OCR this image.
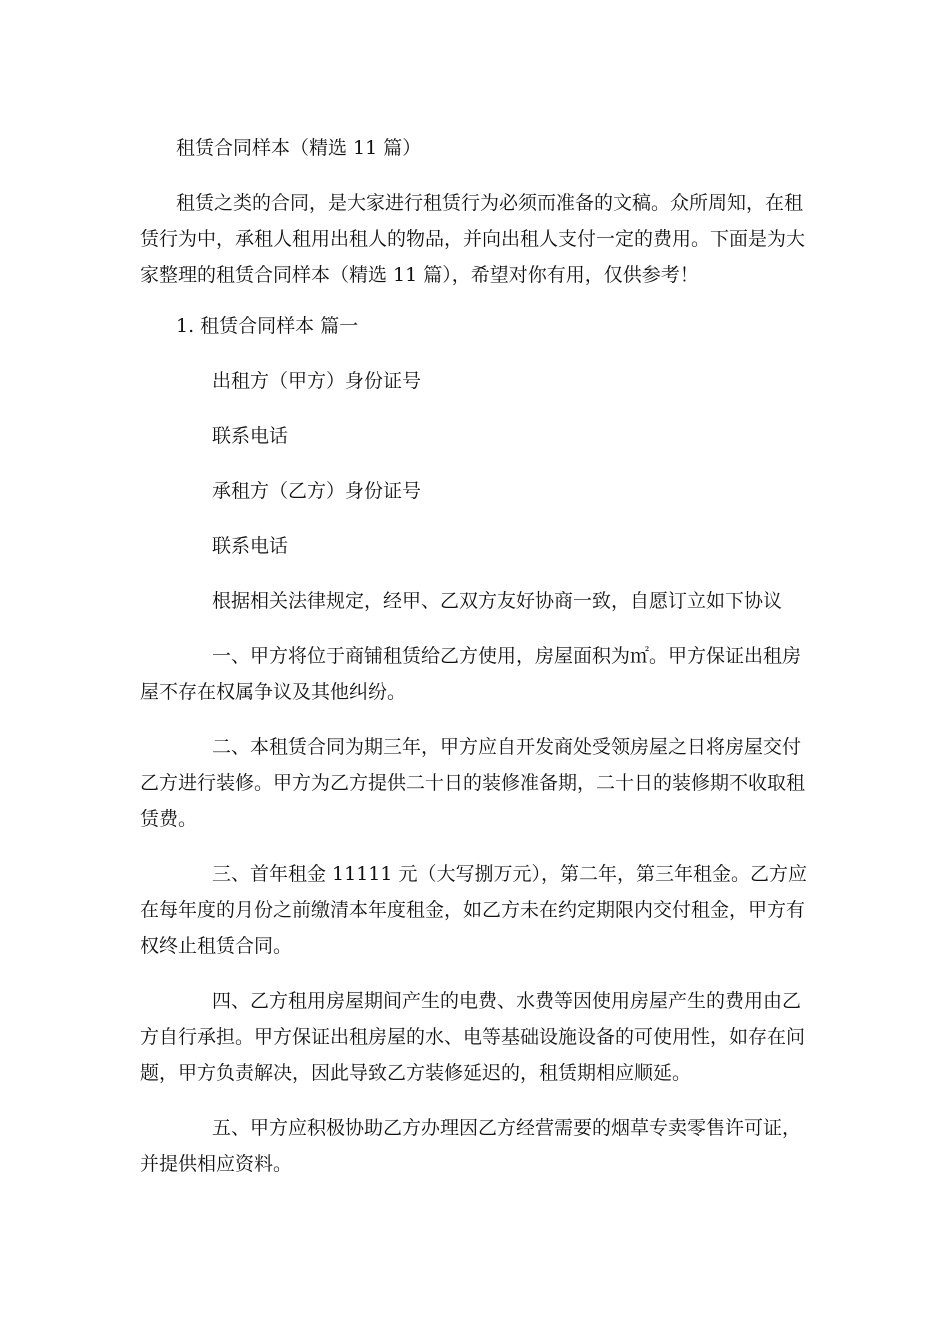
租赁合同样本（精选 11 篇）
租赁之类的合同，是大家进行租赁行为必须而准备的文稿。众所周知，在租
赁行为中，承租人租用出租人的物品，并向出租人支付一定的费用。下面是为大
家整理的租赁合同样本（精选 11 篇），希望对你有用，仅供参考！
1. 租赁合同样本 篇一
出租方（甲方）身份证号
联系电话
承租方（乙方）身份证号
联系电话
根据相关法律规定，经甲、乙双方友好协商一致，自愿订立如下协议
一、甲方将位于商铺租赁给乙方使用，房屋面积为㎡。甲方保证出租房
屋不存在权属争议及其他纠纷。
二、本租赁合同为期三年，甲方应自开发商处受领房屋之日将房屋交付
乙方进行装修。甲方为乙方提供二十日的装修准备期，二十日的装修期不收取租
赁费。
三、首年租金 11111 元（大写捌万元），第二年，第三年租金。乙方应
在每年度的月份之前缴清本年度租金，如乙方未在约定期限内交付租金，甲方有
权终止租赁合同。
四、乙方租用房屋期间产生的电费、水费等因使用房屋产生的费用由乙
方自行承担。甲方保证出租房屋的水、电等基础设施设备的可使用性，如存在问
题，甲方负责解决，因此导致乙方装修延迟的，租赁期相应顺延。
五、甲方应积极协助乙方办理因乙方经营需要的烟草专卖零售许可证，
并提供相应资料。
